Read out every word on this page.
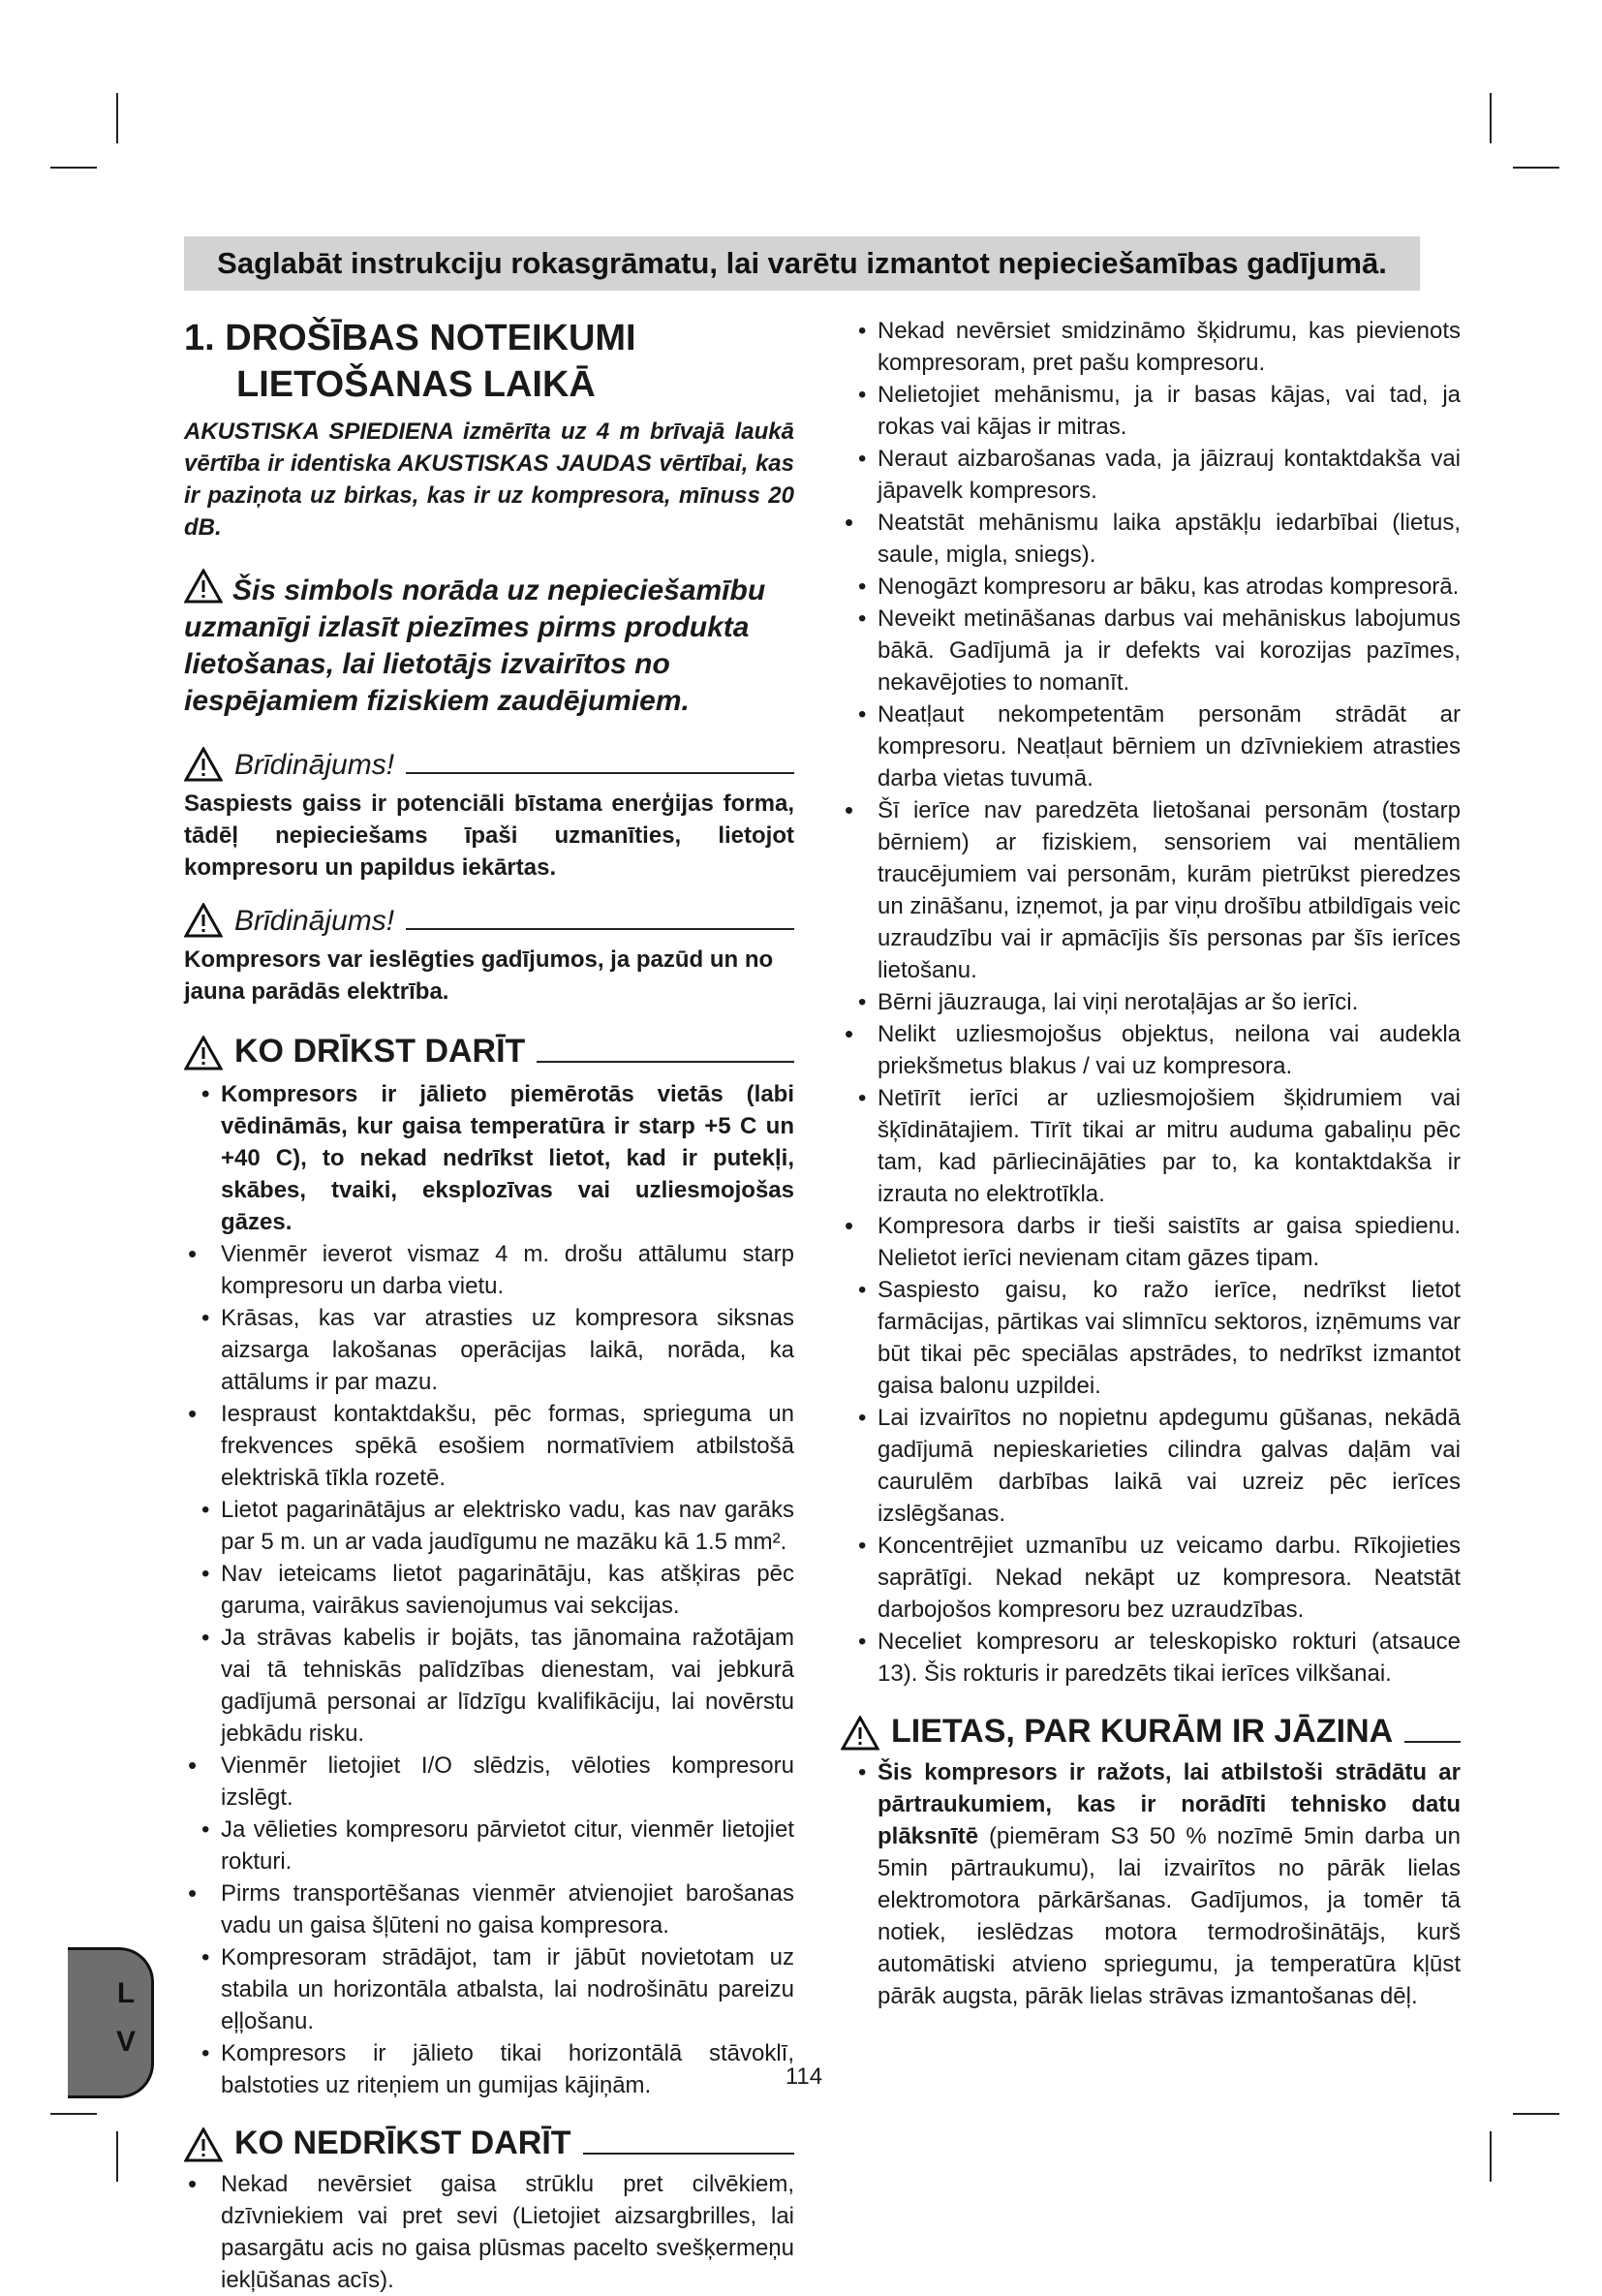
Saglabāt instrukciju rokasgrāmatu, lai varētu izmantot nepieciešamības gadījumā.
1. DROŠĪBAS NOTEIKUMI
LIETOŠANAS LAIKĀ

AKUSTISKA SPIEDIENA izmērīta uz 4 m brīvajā laukā vērtība ir identiska AKUSTISKAS JAUDAS vērtībai, kas ir paziņota uz birkas, kas ir uz kompresora, mīnuss 20 dB.

Šis simbols norāda uz nepieciešamību uzmanīgi izlasīt piezīmes pirms produkta lietošanas, lai lietotājs izvairītos no iespējamiem fiziskiem zaudējumiem.

Brīdinājums!

Saspiests gaiss ir potenciāli bīstama enerģijas forma, tādēļ nepieciešams īpaši uzmanīties, lietojot kompresoru un papildus iekārtas.

Brīdinājums!

Kompresors var ieslēgties gadījumos, ja pazūd un no jauna parādās elektrība.

KO DRĪKST DARĪT

• Kompresors ir jālieto piemērotās vietās (labi vēdināmās, kur gaisa temperatūra ir starp +5 C un +40 C), to nekad nedrīkst lietot, kad ir putekļi, skābes, tvaiki, eksplozīvas vai uzliesmojošas gāzes.

• Vienmēr ieverot vismaz 4 m. drošu attālumu starp kompresoru un darba vietu.

• Krāsas, kas var atrasties uz kompresora siksnas aizsarga lakošanas operācijas laikā, norāda, ka attālums ir par mazu.

• Iespraust kontaktdakšu, pēc formas, sprieguma un frekvences spēkā esošiem normatīviem atbilstošā elektriskā tīkla rozetē.

• Lietot pagarinātājus ar elektrisko vadu, kas nav garāks par 5 m. un ar vada jaudīgumu ne mazāku kā 1.5 mm².

• Nav ieteicams lietot pagarinātāju, kas atšķiras pēc garuma, vairākus savienojumus vai sekcijas.

• Ja strāvas kabelis ir bojāts, tas jānomaina ražotājam vai tā tehniskās palīdzības dienestam, vai jebkurā gadījumā personai ar līdzīgu kvalifikāciju, lai novērstu jebkādu risku.

• Vienmēr lietojiet I/O slēdzis, vēloties kompresoru izslēgt.

• Ja vēlieties kompresoru pārvietot citur, vienmēr lietojiet rokturi.

• Pirms transportēšanas vienmēr atvienojiet barošanas vadu un gaisa šļūteni no gaisa kompresora.

• Kompresoram strādājot, tam ir jābūt novietotam uz stabila un horizontāla atbalsta, lai nodrošinātu pareizu eļļošanu.

• Kompresors ir jālieto tikai horizontālā stāvoklī, balstoties uz riteņiem un gumijas kājiņām.

KO NEDRĪKST DARĪT

• Nekad nevērsiet gaisa strūklu pret cilvēkiem, dzīvniekiem vai pret sevi (Lietojiet aizsargbrilles, lai pasargātu acis no gaisa plūsmas pacelto svešķermeņu iekļūšanas acīs).

• Nekad nevērsiet smidzināmo šķidrumu, kas pievienots kompresoram, pret pašu kompresoru.

• Nelietojiet mehānismu, ja ir basas kājas, vai tad, ja rokas vai kājas ir mitras.

• Neraut aizbarošanas vada, ja jāizrauj kontaktdakša vai jāpavelk kompresors.

• Neatstāt mehānismu laika apstākļu iedarbībai (lietus, saule, migla, sniegs).

• Nenogāzt kompresoru ar bāku, kas atrodas kompresorā.

• Neveikt metināšanas darbus vai mehāniskus labojumus bākā. Gadījumā ja ir defekts vai korozijas pazīmes, nekavējoties to nomanīt.

• Neatļaut nekompetentām personām strādāt ar kompresoru. Neatļaut bērniem un dzīvniekiem atrasties darba vietas tuvumā.

• Šī ierīce nav paredzēta lietošanai personām (tostarp bērniem) ar fiziskiem, sensoriem vai mentāliem traucējumiem vai personām, kurām pietrūkst pieredzes un zināšanu, izņemot, ja par viņu drošību atbildīgais veic uzraudzību vai ir apmācījis šīs personas par šīs ierīces lietošanu.

• Bērni jāuzrauga, lai viņi nerotaļājas ar šo ierīci.

• Nelikt uzliesmojošus objektus, neilona vai audekla priekšmetus blakus / vai uz kompresora.

• Netīrīt ierīci ar uzliesmojošiem šķidrumiem vai šķīdinātajiem. Tīrīt tikai ar mitru auduma gabaliņu pēc tam, kad pārliecinājāties par to, ka kontaktdakša ir izrauta no elektrotīkla.

• Kompresora darbs ir tieši saistīts ar gaisa spiedienu. Nelietot ierīci nevienam citam gāzes tipam.

• Saspiesto gaisu, ko ražo ierīce, nedrīkst lietot farmācijas, pārtikas vai slimnīcu sektoros, izņēmums var būt tikai pēc speciālas apstrādes, to nedrīkst izmantot gaisa balonu uzpildei.

• Lai izvairītos no nopietnu apdegumu gūšanas, nekādā gadījumā nepieskarieties cilindra galvas daļām vai caurulēm darbības laikā vai uzreiz pēc ierīces izslēgšanas.

• Koncentrējiet uzmanību uz veicamo darbu. Rīkojieties saprātīgi. Nekad nekāpt uz kompresora. Neatstāt darbojošos kompresoru bez uzraudzības.

• Neceliet kompresoru ar teleskopisko rokturi (atsauce 13). Šis rokturis ir paredzēts tikai ierīces vilkšanai.

LIETAS, PAR KURĀM IR JĀZINA

• Šis kompresors ir ražots, lai atbilstoši strādātu ar pārtraukumiem, kas ir norādīti tehnisko datu plāksnītē (piemēram S3 50 % nozīmē 5min darba un 5min pārtraukumu), lai izvairītos no pārāk lielas elektromotora pārkāršanas. Gadījumos, ja tomēr tā notiek, ieslēdzas motora termodrošinātājs, kurš automātiski atvieno spriegumu, ja temperatūra kļūst pārāk augsta, pārāk lielas strāvas izmantošanas dēļ.

L
V
114
